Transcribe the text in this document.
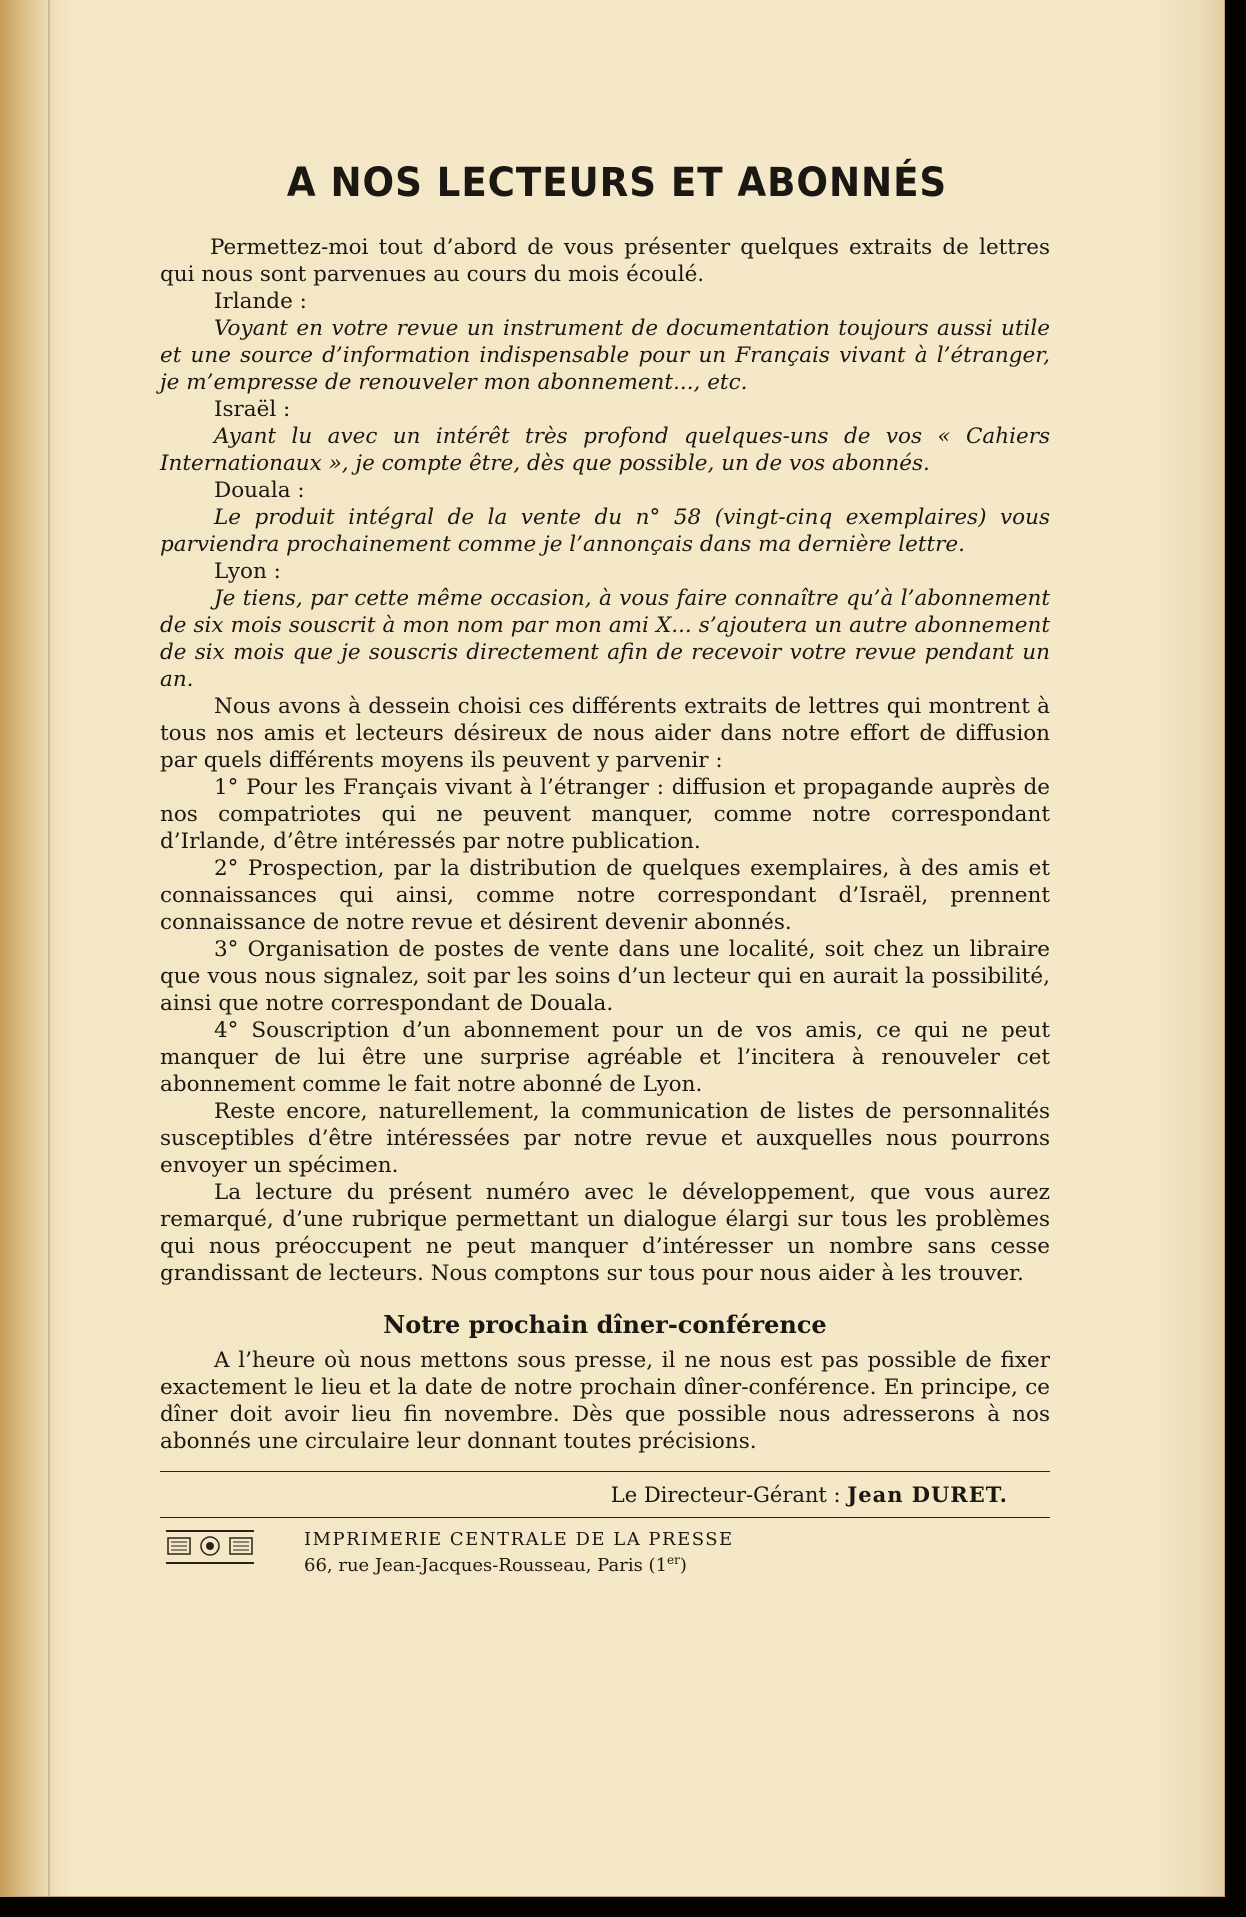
A NOS LECTEURS ET ABONNÉS

Permettez-moi tout d’abord de vous présenter quelques extraits de lettres qui nous sont parvenues au cours du mois écoulé.

Irlande :

Voyant en votre revue un instrument de documentation toujours aussi utile et une source d’information indispensable pour un Français vivant à l’étranger, je m’empresse de renouveler mon abonnement..., etc.

Israël :

Ayant lu avec un intérêt très profond quelques-uns de vos « Cahiers Internationaux », je compte être, dès que possible, un de vos abonnés.

Douala :

Le produit intégral de la vente du n° 58 (vingt-cinq exemplaires) vous parviendra prochainement comme je l’annonçais dans ma dernière lettre.

Lyon :

Je tiens, par cette même occasion, à vous faire connaître qu’à l’abonnement de six mois souscrit à mon nom par mon ami X... s’ajoutera un autre abonnement de six mois que je souscris directement afin de recevoir votre revue pendant un an.

Nous avons à dessein choisi ces différents extraits de lettres qui montrent à tous nos amis et lecteurs désireux de nous aider dans notre effort de diffusion par quels différents moyens ils peuvent y parvenir :

1° Pour les Français vivant à l’étranger : diffusion et propagande auprès de nos compatriotes qui ne peuvent manquer, comme notre correspondant d’Irlande, d’être intéressés par notre publication.

2° Prospection, par la distribution de quelques exemplaires, à des amis et connaissances qui ainsi, comme notre correspondant d’Israël, prennent connaissance de notre revue et désirent devenir abonnés.

3° Organisation de postes de vente dans une localité, soit chez un libraire que vous nous signalez, soit par les soins d’un lecteur qui en aurait la possibilité, ainsi que notre correspondant de Douala.

4° Souscription d’un abonnement pour un de vos amis, ce qui ne peut manquer de lui être une surprise agréable et l’incitera à renouveler cet abonnement comme le fait notre abonné de Lyon.

Reste encore, naturellement, la communication de listes de personnalités susceptibles d’être intéressées par notre revue et auxquelles nous pourrons envoyer un spécimen.

La lecture du présent numéro avec le développement, que vous aurez remarqué, d’une rubrique permettant un dialogue élargi sur tous les problèmes qui nous préoccupent ne peut manquer d’intéresser un nombre sans cesse grandissant de lecteurs. Nous comptons sur tous pour nous aider à les trouver.

Notre prochain dîner-conférence

A l’heure où nous mettons sous presse, il ne nous est pas possible de fixer exactement le lieu et la date de notre prochain dîner-conférence. En principe, ce dîner doit avoir lieu fin novembre. Dès que possible nous adresserons à nos abonnés une circulaire leur donnant toutes précisions.

Le Directeur-Gérant : Jean DURET.
IMPRIMERIE CENTRALE DE LA PRESSE
66, rue Jean-Jacques-Rousseau, Paris (1er)
